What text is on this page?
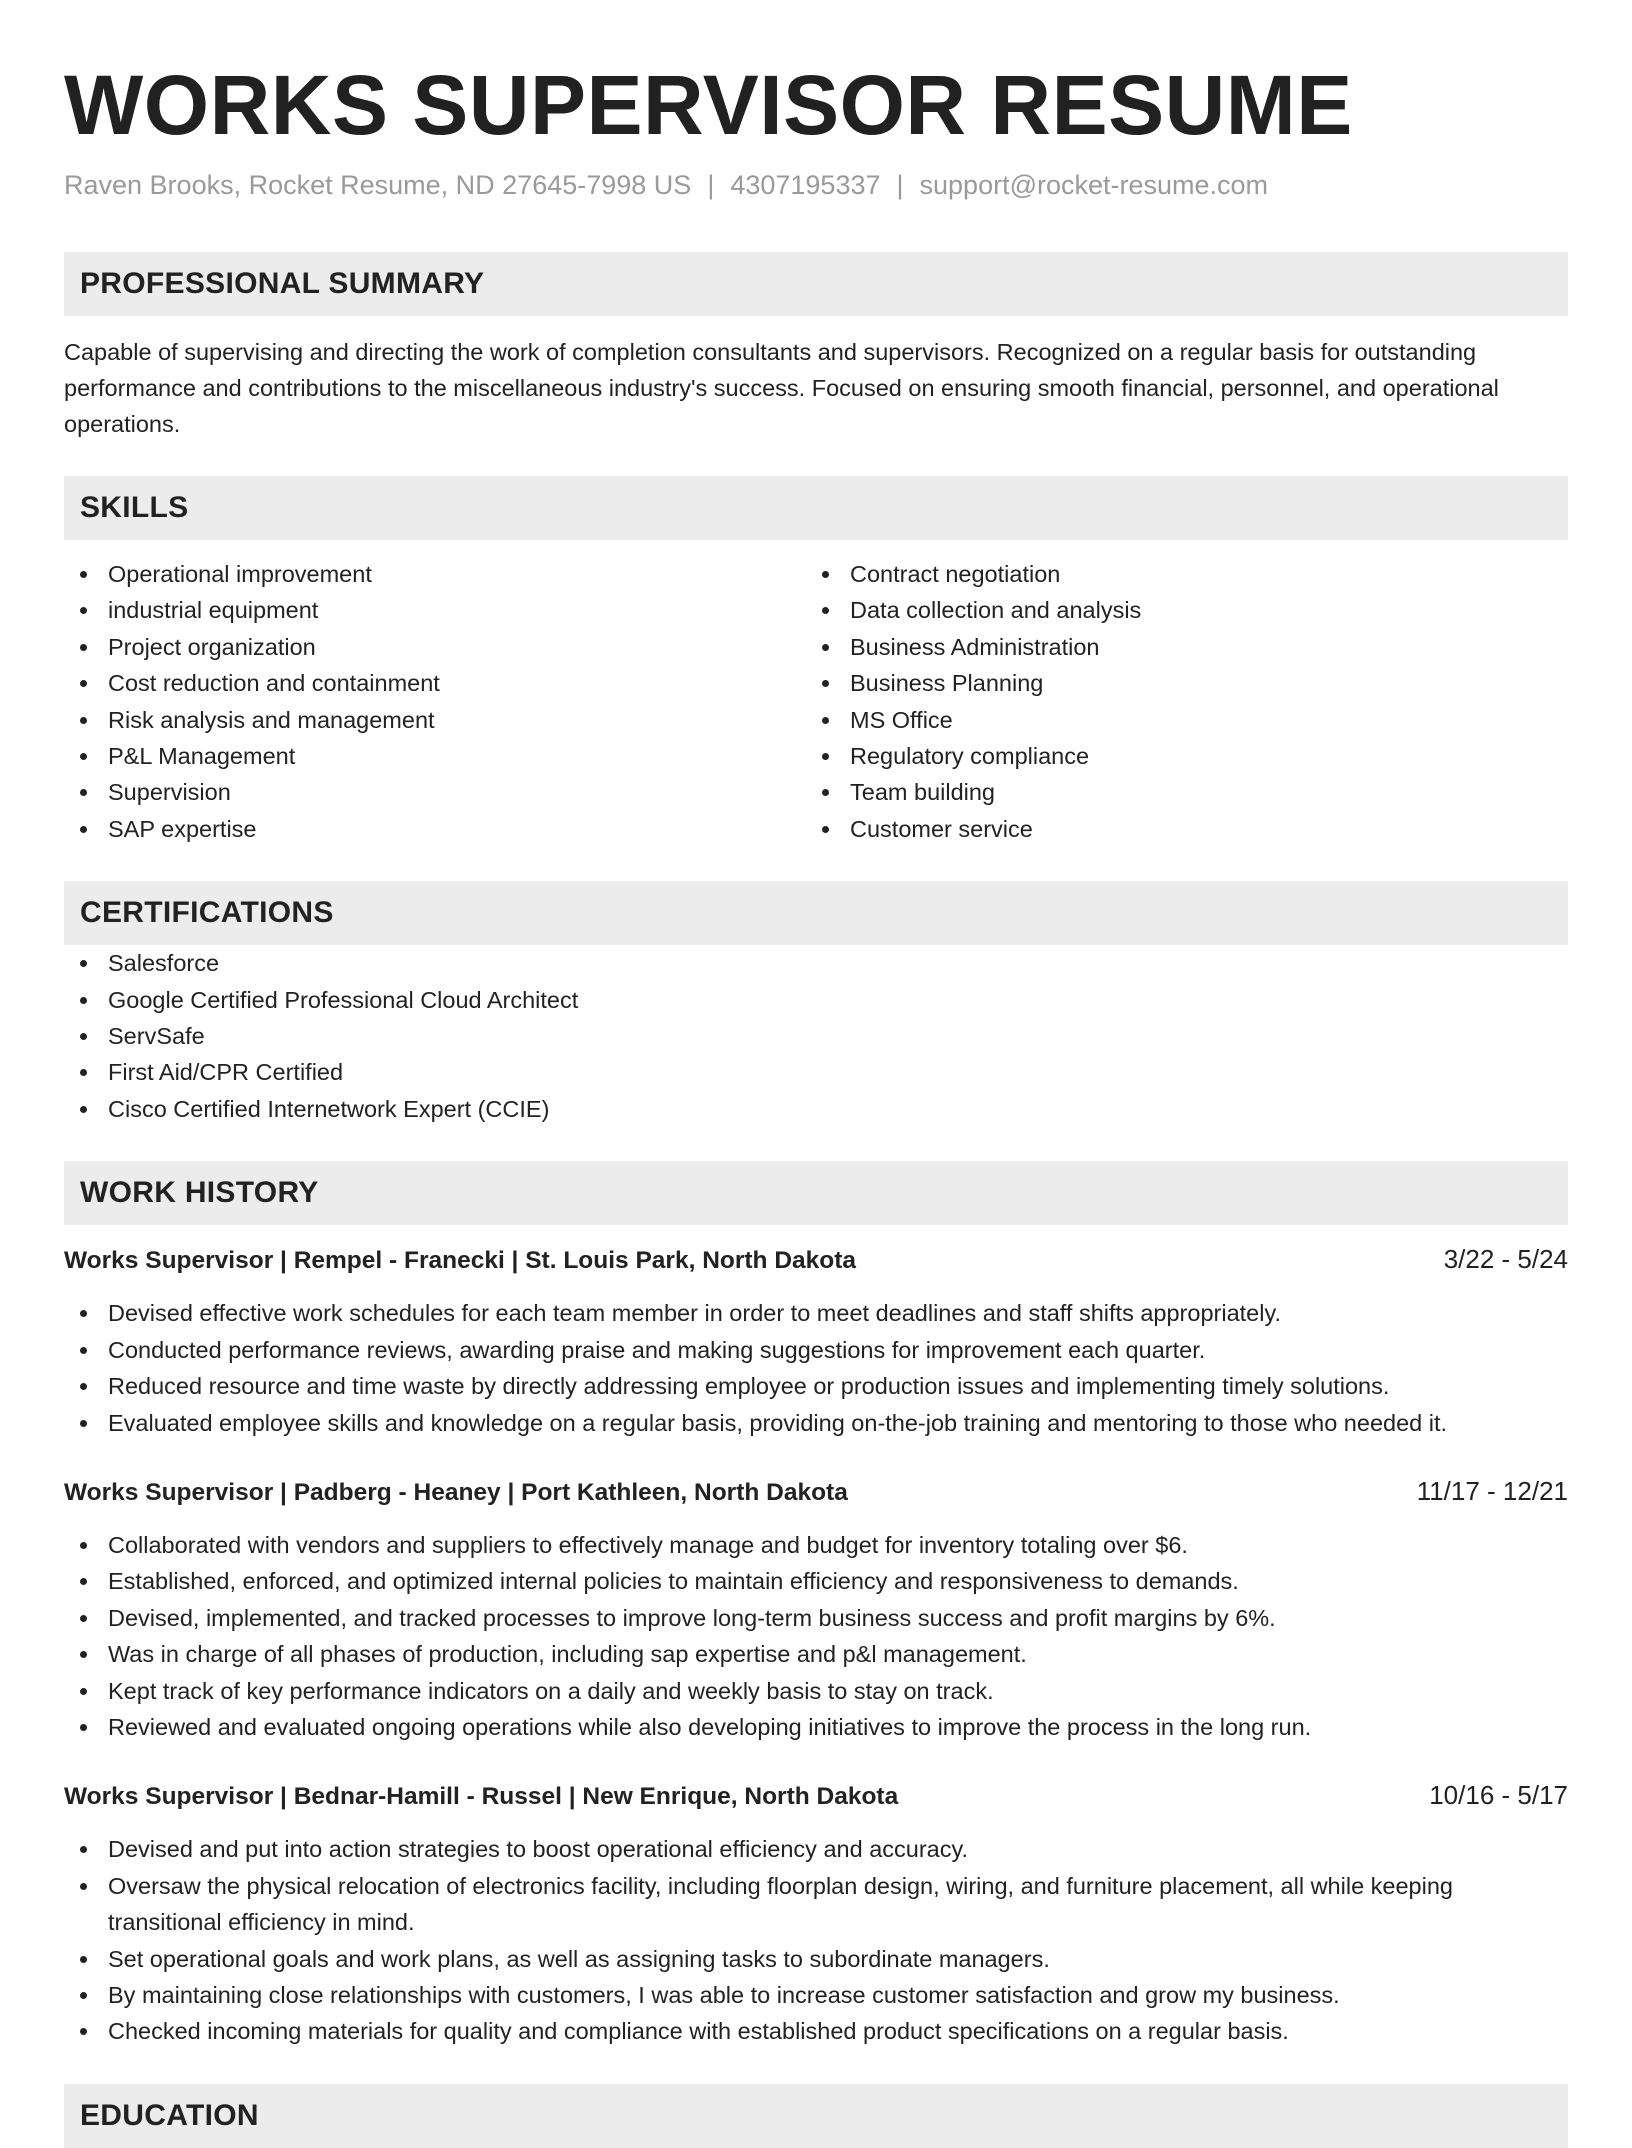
WORKS SUPERVISOR RESUME
Raven Brooks, Rocket Resume, ND 27645-7998 US | 4307195337 | support@rocket-resume.com
PROFESSIONAL SUMMARY
Capable of supervising and directing the work of completion consultants and supervisors. Recognized on a regular basis for outstanding performance and contributions to the miscellaneous industry's success. Focused on ensuring smooth financial, personnel, and operational operations.
SKILLS
Operational improvement
industrial equipment
Project organization
Cost reduction and containment
Risk analysis and management
P&L Management
Supervision
SAP expertise
Contract negotiation
Data collection and analysis
Business Administration
Business Planning
MS Office
Regulatory compliance
Team building
Customer service
CERTIFICATIONS
Salesforce
Google Certified Professional Cloud Architect
ServSafe
First Aid/CPR Certified
Cisco Certified Internetwork Expert (CCIE)
WORK HISTORY
Works Supervisor | Rempel - Franecki | St. Louis Park, North Dakota	3/22 - 5/24
Devised effective work schedules for each team member in order to meet deadlines and staff shifts appropriately.
Conducted performance reviews, awarding praise and making suggestions for improvement each quarter.
Reduced resource and time waste by directly addressing employee or production issues and implementing timely solutions.
Evaluated employee skills and knowledge on a regular basis, providing on-the-job training and mentoring to those who needed it.
Works Supervisor | Padberg - Heaney | Port Kathleen, North Dakota	11/17 - 12/21
Collaborated with vendors and suppliers to effectively manage and budget for inventory totaling over $6.
Established, enforced, and optimized internal policies to maintain efficiency and responsiveness to demands.
Devised, implemented, and tracked processes to improve long-term business success and profit margins by 6%.
Was in charge of all phases of production, including sap expertise and p&l management.
Kept track of key performance indicators on a daily and weekly basis to stay on track.
Reviewed and evaluated ongoing operations while also developing initiatives to improve the process in the long run.
Works Supervisor | Bednar-Hamill - Russel | New Enrique, North Dakota	10/16 - 5/17
Devised and put into action strategies to boost operational efficiency and accuracy.
Oversaw the physical relocation of electronics facility, including floorplan design, wiring, and furniture placement, all while keeping transitional efficiency in mind.
Set operational goals and work plans, as well as assigning tasks to subordinate managers.
By maintaining close relationships with customers, I was able to increase customer satisfaction and grow my business.
Checked incoming materials for quality and compliance with established product specifications on a regular basis.
EDUCATION
